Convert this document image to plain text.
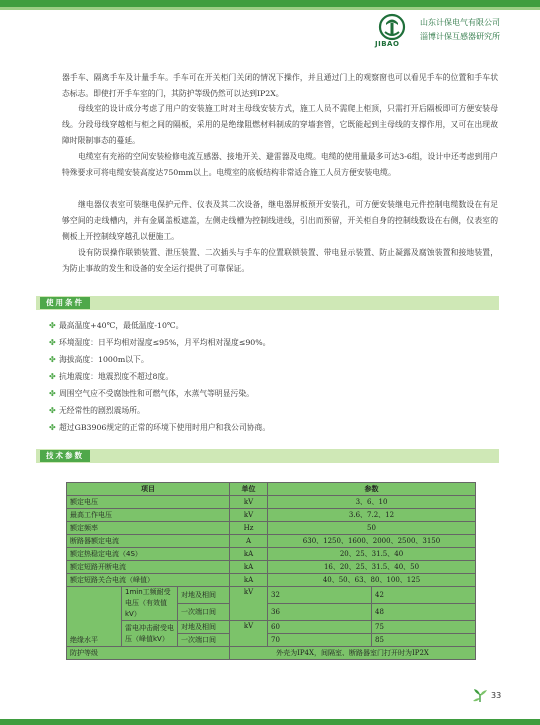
JIBAO
山东计保电气有限公司
淄博计保互感器研究所
器手车、隔离手车及计量手车。手车可在开关柜门关闭的情况下操作，并且通过门上的观察窗也可以看见手车的位置和手车状态标志。即使打开手车室的门，其防护等级仍然可以达到IP2X。
母线室的设计成分考虑了用户的安装施工时对主母线安装方式，施工人员不需爬上柜顶，只需打开后隔板即可方便安装母线。分段母线穿越柜与柜之间的隔板，采用的是绝缘阻燃材料制成的穿墙套管，它既能起到主母线的支撑作用，又可在出现故障时限制事态的蔓延。
电缆室有充裕的空间安装检修电流互感器、接地开关、避雷器及电缆。电缆的使用量最多可达3-6组，设计中还考虑到用户特殊要求可将电缆安装高度达750mm以上。电缆室的底板结构非常适合施工人员方便安装电缆。
继电器仪表室可装继电保护元件、仪表及其二次设备，继电器屏板预开安装孔，可方便安装继电元件控制电缆数设在有足够空间的走线槽内，并有金属盖板遮盖，左侧走线槽为控制线进线，引出而预留，开关柜自身的控制线数设在右侧，仪表室的侧板上开控制线穿越孔以便施工。
设有防误操作联锁装置、泄压装置、二次插头与手车的位置联锁装置、带电显示装置、防止凝露及腐蚀装置和接地装置，为防止事故的发生和设备的安全运行提供了可靠保证。
使用条件
✤ 最高温度+40℃，最低温度-10℃。
✤ 环境湿度：日平均相对湿度≤95%，月平均相对湿度≤90%。
✤ 海拔高度：1000m以下。
✤ 抗地震度：地震烈度不超过8度。
✤ 周围空气应不受腐蚀性和可燃气体，水蒸气等明显污染。
✤ 无经常性的剧烈震场所。
✤ 超过GB3906规定的正常的环境下使用时用户和我公司协商。
技术参数
项目			单位	参数	
额定电压			kV	3、6、10	
最高工作电压			kV	3.6、7.2、12	
额定频率			Hz	50	
断路器额定电流			A	630、1250、1600、2000、2500、3150	
额定热稳定电流（4S）			kA	20、25、31.5、40	
额定短路开断电流			kA	16、20、25、31.5、40、50	
额定短路关合电流（峰值）			kA	40、50、63、80、100、125	
绝缘水平	1min工频耐受电压（有效值kV）	对地及相间	kV	32	42
		一次端口间		36	48
	雷电冲击耐受电压（峰值kV）	对地及相间	kV	60	75
		一次端口间		70	85
防护等级			外壳为IP4X，间隔室、断路器室门打开时为IP2X		
33
